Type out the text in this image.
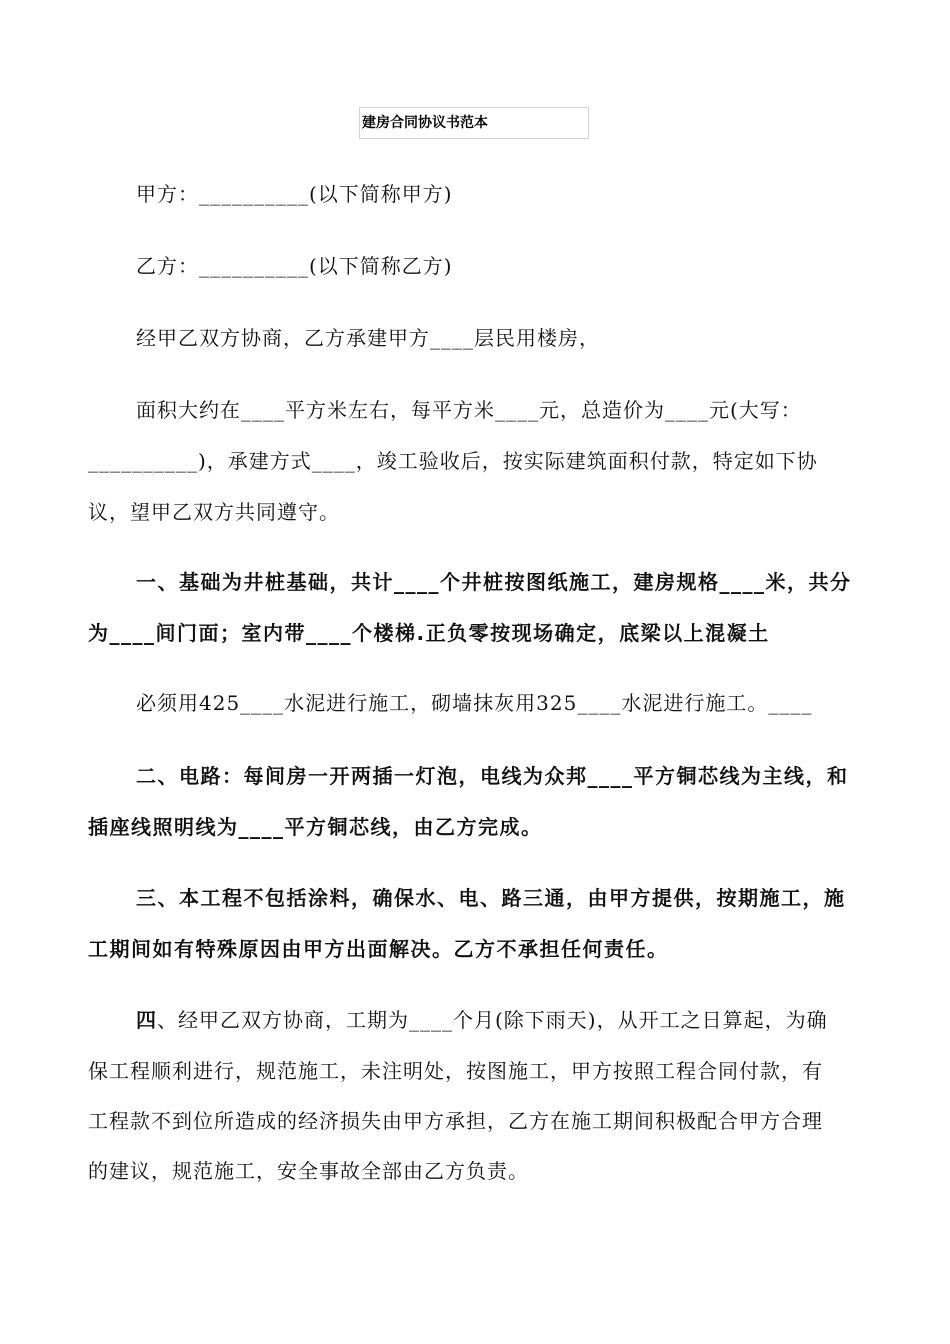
建房合同协议书范本
甲方：__________(以下简称甲方)
乙方：__________(以下简称乙方)
经甲乙双方协商，乙方承建甲方____层民用楼房，
面积大约在____平方米左右，每平方米____元，总造价为____元(大写：
__________)，承建方式____，竣工验收后，按实际建筑面积付款，特定如下协
议，望甲乙双方共同遵守。
一、基础为井桩基础，共计____个井桩按图纸施工，建房规格____米，共分
为____间门面；室内带____个楼梯.正负零按现场确定，底梁以上混凝土
必须用425____水泥进行施工，砌墙抹灰用325____水泥进行施工。____
二、电路：每间房一开两插一灯泡，电线为众邦____平方铜芯线为主线，和
插座线照明线为____平方铜芯线，由乙方完成。
三、本工程不包括涂料，确保水、电、路三通，由甲方提供，按期施工，施
工期间如有特殊原因由甲方出面解决。乙方不承担任何责任。
四、经甲乙双方协商，工期为____个月(除下雨天)，从开工之日算起，为确
保工程顺利进行，规范施工，未注明处，按图施工，甲方按照工程合同付款，有
工程款不到位所造成的经济损失由甲方承担，乙方在施工期间积极配合甲方合理
的建议，规范施工，安全事故全部由乙方负责。
